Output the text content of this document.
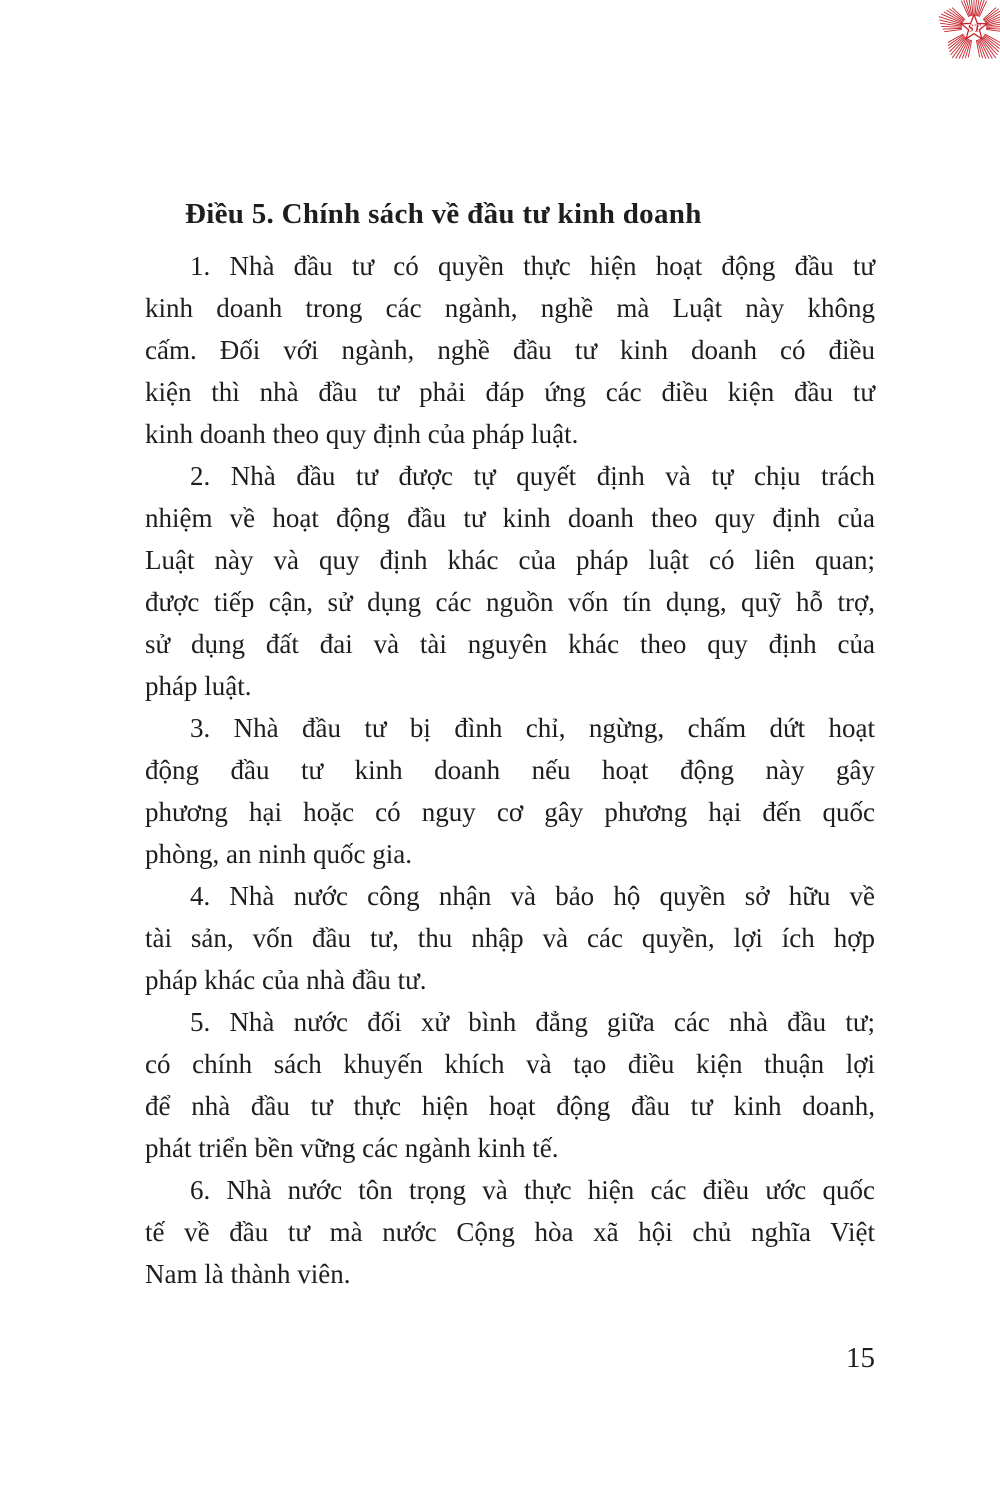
ST
Điều 5. Chính sách về đầu tư kinh doanh
1. Nhà đầu tư có quyền thực hiện hoạt động đầu tư
kinh doanh trong các ngành, nghề mà Luật này không
cấm. Đối với ngành, nghề đầu tư kinh doanh có điều
kiện thì nhà đầu tư phải đáp ứng các điều kiện đầu tư
kinh doanh theo quy định của pháp luật.
2. Nhà đầu tư được tự quyết định và tự chịu trách
nhiệm về hoạt động đầu tư kinh doanh theo quy định của
Luật này và quy định khác của pháp luật có liên quan;
được tiếp cận, sử dụng các nguồn vốn tín dụng, quỹ hỗ trợ,
sử dụng đất đai và tài nguyên khác theo quy định của
pháp luật.
3. Nhà đầu tư bị đình chỉ, ngừng, chấm dứt hoạt
động đầu tư kinh doanh nếu hoạt động này gây
phương hại hoặc có nguy cơ gây phương hại đến quốc
phòng, an ninh quốc gia.
4. Nhà nước công nhận và bảo hộ quyền sở hữu về
tài sản, vốn đầu tư, thu nhập và các quyền, lợi ích hợp
pháp khác của nhà đầu tư.
5. Nhà nước đối xử bình đẳng giữa các nhà đầu tư;
có chính sách khuyến khích và tạo điều kiện thuận lợi
để nhà đầu tư thực hiện hoạt động đầu tư kinh doanh,
phát triển bền vững các ngành kinh tế.
6. Nhà nước tôn trọng và thực hiện các điều ước quốc
tế về đầu tư mà nước Cộng hòa xã hội chủ nghĩa Việt
Nam là thành viên.
15
